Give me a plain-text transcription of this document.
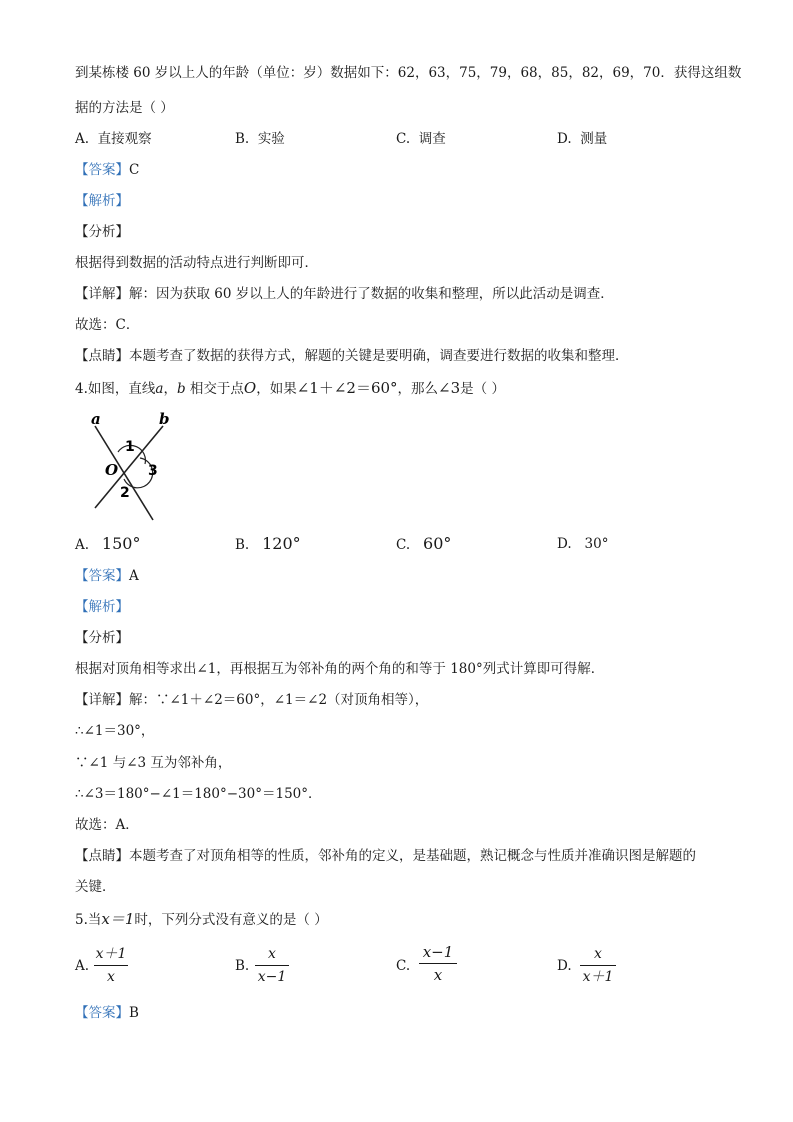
到某栋楼 60 岁以上人的年龄（单位：岁）数据如下：62，63，75，79，68，85，82，69，70．获得这组数
据的方法是（ ）
A. 直接观察	B. 实验	C. 调查	D. 测量
【答案】C
【解析】
【分析】
根据得到数据的活动特点进行判断即可．
【详解】解：因为获取 60 岁以上人的年龄进行了数据的收集和整理，所以此活动是调查．
故选：C．
【点睛】本题考查了数据的获得方式，解题的关键是要明确，调查要进行数据的收集和整理．
4.如图，直线a，b 相交于点O，如果∠1＋∠2＝60°，那么∠3是（ ）
a	b
1
3
2
O
A. 150°	B. 120°	C. 60°	D. 30°
【答案】A
【解析】
【分析】
根据对顶角相等求出∠1，再根据互为邻补角的两个角的和等于 180°列式计算即可得解．
【详解】解：∵∠1＋∠2＝60°，∠1＝∠2（对顶角相等），
∴∠1＝30°，
∵∠1 与∠3 互为邻补角，
∴∠3＝180°−∠1＝180°−30°＝150°．
故选：A．
【点睛】本题考查了对顶角相等的性质，邻补角的定义，是基础题，熟记概念与性质并准确识图是解题的
关键．
5.当x＝1时，下列分式没有意义的是（ ）
A.
x＋1
x
B.
x
x−1
C.
x−1
x	D.
x
x＋1
【答案】B
